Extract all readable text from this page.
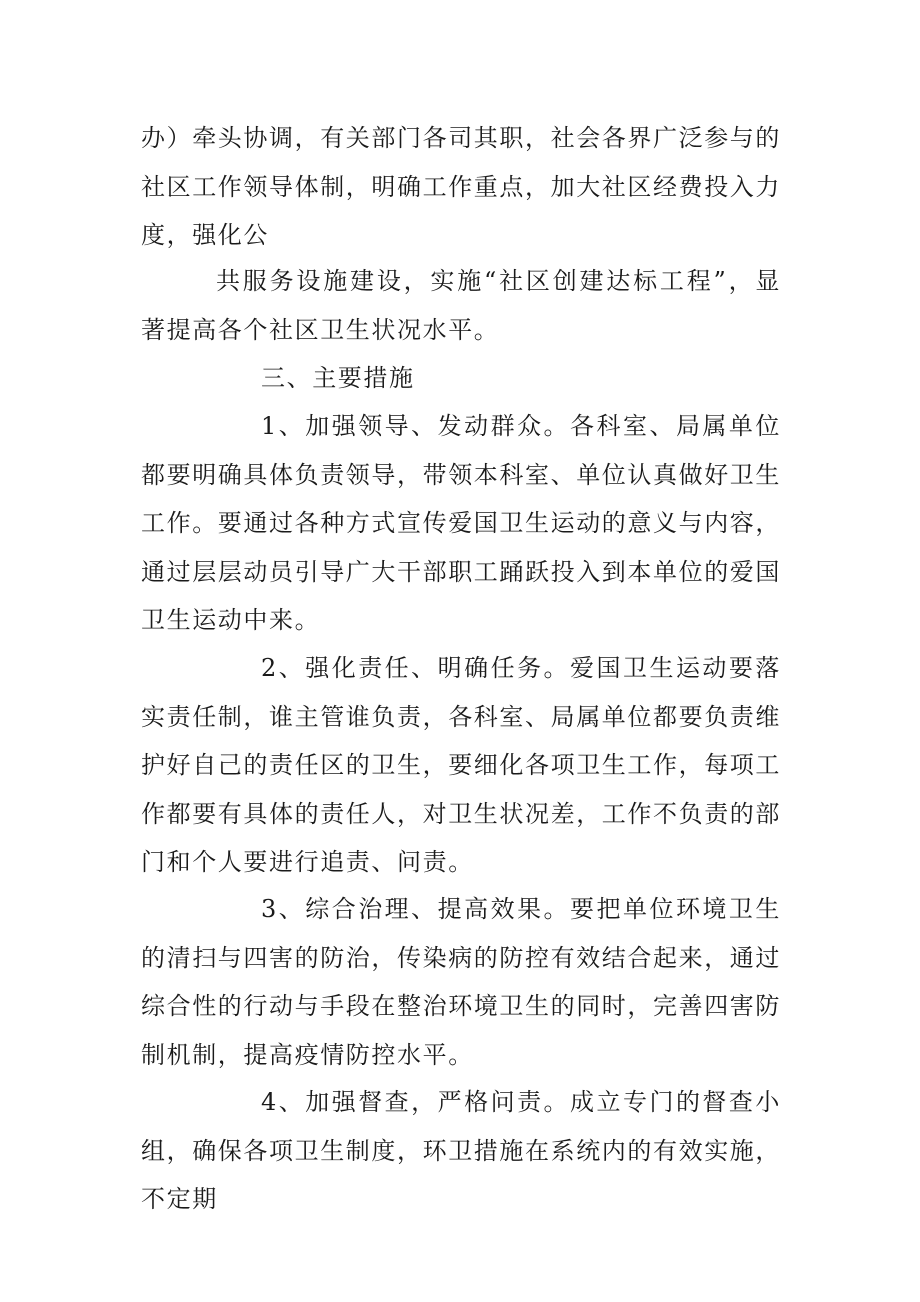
办）牵头协调，有关部门各司其职，社会各界广泛参与的社区工作领导体制，明确工作重点，加大社区经费投入力度，强化公

共服务设施建设，实施“社区创建达标工程”，显著提高各个社区卫生状况水平。

三、主要措施

1、加强领导、发动群众。各科室、局属单位都要明确具体负责领导，带领本科室、单位认真做好卫生工作。要通过各种方式宣传爱国卫生运动的意义与内容，通过层层动员引导广大干部职工踊跃投入到本单位的爱国卫生运动中来。

2、强化责任、明确任务。爱国卫生运动要落实责任制，谁主管谁负责，各科室、局属单位都要负责维护好自己的责任区的卫生，要细化各项卫生工作，每项工作都要有具体的责任人，对卫生状况差，工作不负责的部门和个人要进行追责、问责。

3、综合治理、提高效果。要把单位环境卫生的清扫与四害的防治，传染病的防控有效结合起来，通过综合性的行动与手段在整治环境卫生的同时，完善四害防制机制，提高疫情防控水平。

4、加强督查，严格问责。成立专门的督查小组，确保各项卫生制度，环卫措施在系统内的有效实施，不定期
